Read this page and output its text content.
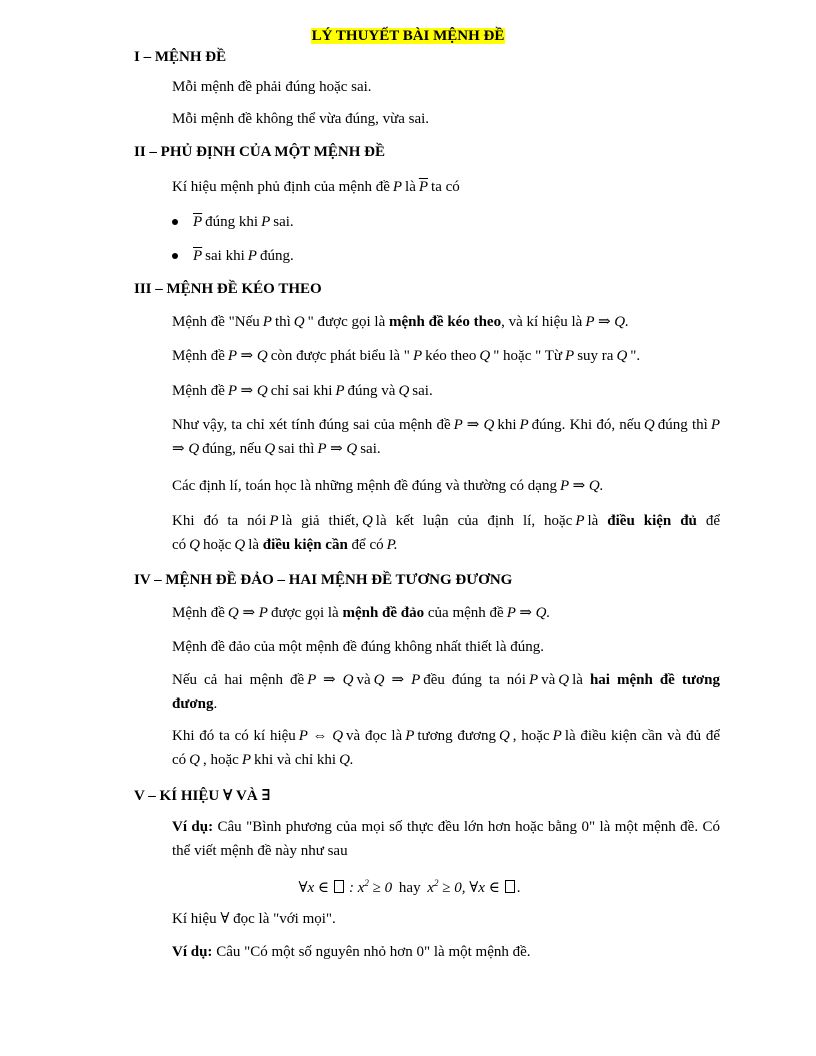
LÝ THUYẾT BÀI MỆNH ĐỀ
I – MỆNH ĐỀ
Mỗi mệnh đề phải đúng hoặc sai.
Mỗi mệnh đề không thể vừa đúng, vừa sai.
II – PHỦ ĐỊNH CỦA MỘT MỆNH ĐỀ
Kí hiệu mệnh phủ định của mệnh đề P là $\overline{P}$ ta có
$\overline{P}$ đúng khi P sai.
$\overline{P}$ sai khi P đúng.
III – MỆNH ĐỀ KÉO THEO
Mệnh đề "Nếu P thì Q " được gọi là mệnh đề kéo theo, và kí hiệu là P ⇒ Q.
Mệnh đề P ⇒ Q còn được phát biểu là " P kéo theo Q " hoặc " Từ P suy ra Q ".
Mệnh đề P ⇒ Q chỉ sai khi P đúng và Q sai.
Như vậy, ta chỉ xét tính đúng sai của mệnh đề P ⇒ Q khi P đúng. Khi đó, nếu Q đúng thì P ⇒ Q đúng, nếu Q sai thì P ⇒ Q sai.
Các định lí, toán học là những mệnh đề đúng và thường có dạng P ⇒ Q.
Khi đó ta nói P là giả thiết, Q là kết luận của định lí, hoặc P là điều kiện đủ để có Q hoặc Q là điều kiện cần để có P.
IV – MỆNH ĐỀ ĐẢO – HAI MỆNH ĐỀ TƯƠNG ĐƯƠNG
Mệnh đề Q ⇒ P được gọi là mệnh đề đảo của mệnh đề P ⇒ Q.
Mệnh đề đảo của một mệnh đề đúng không nhất thiết là đúng.
Nếu cả hai mệnh đề P ⇒ Q và Q ⇒ P đều đúng ta nói P và Q là hai mệnh đề tương đương.
Khi đó ta có kí hiệu P ⇔ Q và đọc là P tương đương Q , hoặc P là điều kiện cần và đủ để có Q , hoặc P khi và chỉ khi Q.
V – KÍ HIỆU ∀ VÀ ∃
Ví dụ: Câu "Bình phương của mọi số thực đều lớn hơn hoặc bằng 0" là một mệnh đề. Có thể viết mệnh đề này như sau
∀x ∈ : $x^2 \ge 0$ hay $x^2 \ge 0$, ∀x ∈ .
Kí hiệu ∀ đọc là "với mọi".
Ví dụ: Câu "Có một số nguyên nhỏ hơn 0" là một mệnh đề.
